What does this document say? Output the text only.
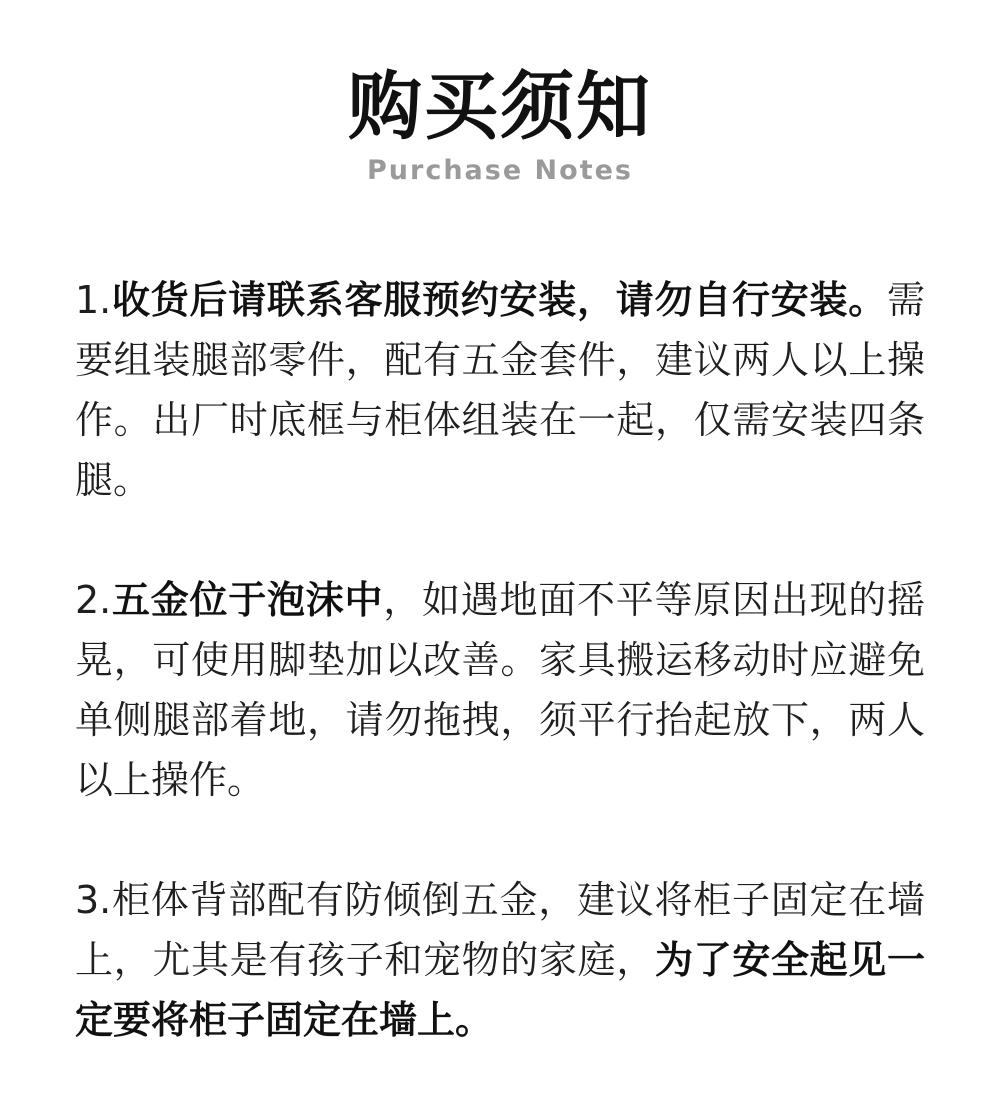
购买须知
Purchase Notes

1.收货后请联系客服预约安装，请勿自行安装。需要组装腿部零件，配有五金套件，建议两人以上操作。出厂时底框与柜体组装在一起，仅需安装四条腿。

2.五金位于泡沫中，如遇地面不平等原因出现的摇晃，可使用脚垫加以改善。家具搬运移动时应避免单侧腿部着地，请勿拖拽，须平行抬起放下，两人以上操作。

3.柜体背部配有防倾倒五金，建议将柜子固定在墙上，尤其是有孩子和宠物的家庭，为了安全起见一定要将柜子固定在墙上。
